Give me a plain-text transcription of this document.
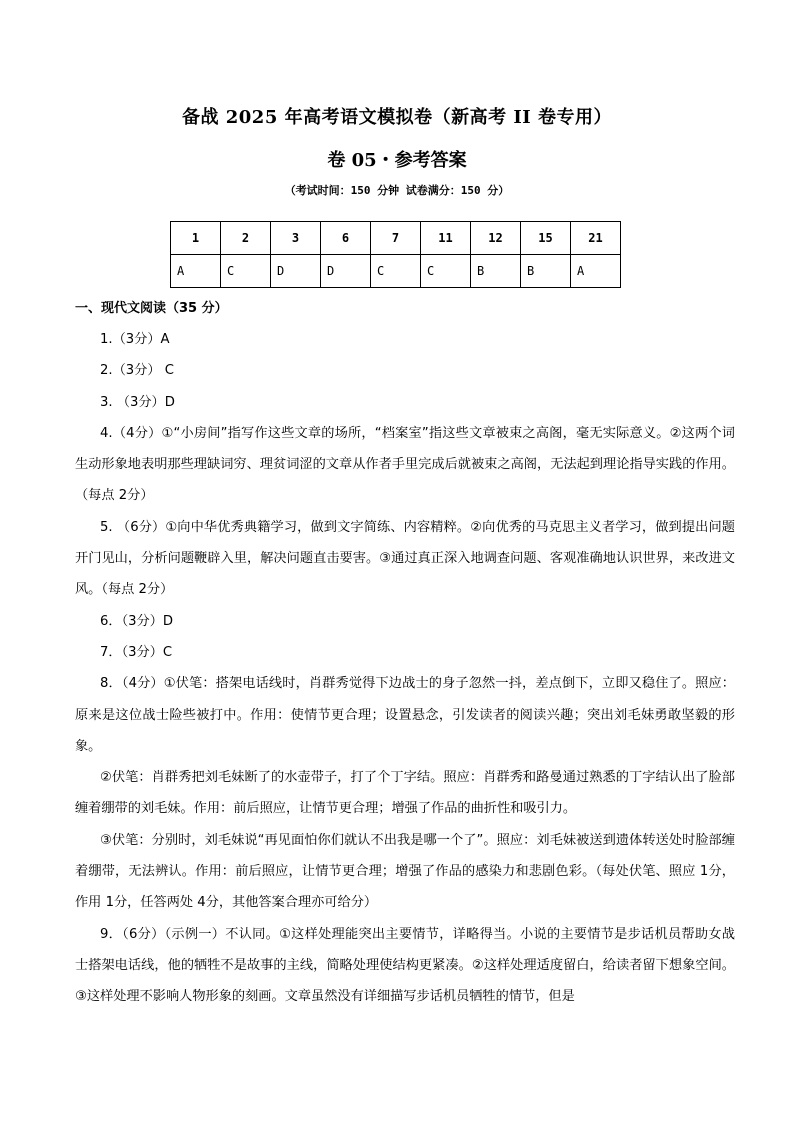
备战 2025 年高考语文模拟卷（新高考 II 卷专用）
卷 05・参考答案
（考试时间：150 分钟 试卷满分：150 分）
1	2	3	6	7	11	12	15	21
A	C	D	D	C	C	B	B	A
一、现代文阅读（35 分）

1.（3分）A

2.（3分） C

3. （3分）D

4.（4分）①“小房间”指写作这些文章的场所，“档案室”指这些文章被束之高阁，毫无实际意义。②这两个词生动形象地表明那些理缺词穷、理贫词涩的文章从作者手里完成后就被束之高阁，无法起到理论指导实践的作用。（每点 2分）

5. （6分）①向中华优秀典籍学习，做到文字简练、内容精粹。②向优秀的马克思主义者学习，做到提出问题开门见山，分析问题鞭辟入里，解决问题直击要害。③通过真正深入地调查问题、客观准确地认识世界，来改进文风。（每点 2分）

6．（3分）D

7．（3分）C

8．（4分）①伏笔：搭架电话线时，肖群秀觉得下边战士的身子忽然一抖，差点倒下，立即又稳住了。照应：原来是这位战士险些被打中。作用：使情节更合理；设置悬念，引发读者的阅读兴趣；突出刘毛妹勇敢坚毅的形象。

②伏笔：肖群秀把刘毛妹断了的水壶带子，打了个丁字结。照应：肖群秀和路曼通过熟悉的丁字结认出了脸部缠着绷带的刘毛妹。作用：前后照应，让情节更合理；增强了作品的曲折性和吸引力。

③伏笔：分别时，刘毛妹说“再见面怕你们就认不出我是哪一个了”。照应：刘毛妹被送到遗体转送处时脸部缠着绷带，无法辨认。作用：前后照应，让情节更合理；增强了作品的感染力和悲剧色彩。（每处伏笔、照应 1分，作用 1分，任答两处 4分，其他答案合理亦可给分）

9．（6分）（示例一）不认同。①这样处理能突出主要情节，详略得当。小说的主要情节是步话机员帮助女战士搭架电话线，他的牺牲不是故事的主线，简略处理使结构更紧凑。②这样处理适度留白，给读者留下想象空间。③这样处理不影响人物形象的刻画。文章虽然没有详细描写步话机员牺牲的情节，但是
